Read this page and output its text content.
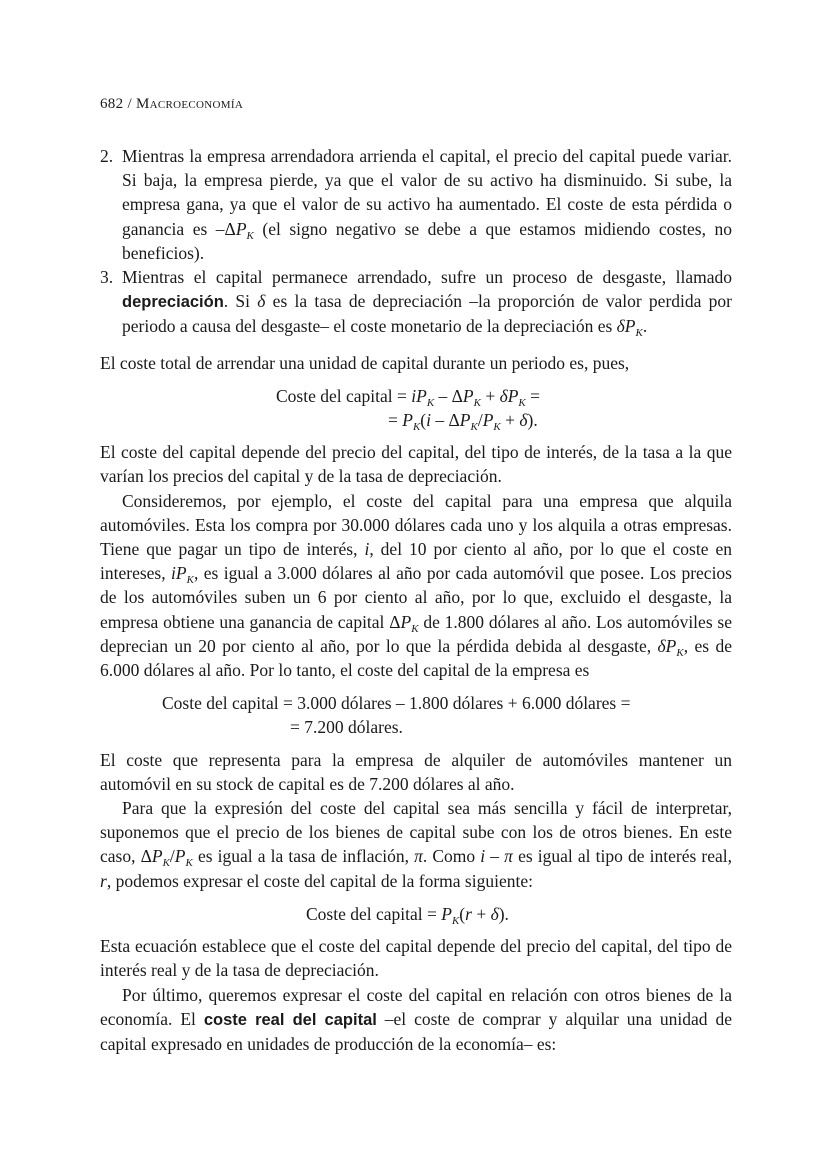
682 / Macroeconomía
2. Mientras la empresa arrendadora arrienda el capital, el precio del capital puede variar. Si baja, la empresa pierde, ya que el valor de su activo ha disminuido. Si sube, la empresa gana, ya que el valor de su activo ha aumentado. El coste de esta pérdida o ganancia es $-\Delta P_K$ (el signo negativo se debe a que estamos midiendo costes, no beneficios).
3. Mientras el capital permanece arrendado, sufre un proceso de desgaste, llamado depreciación. Si δ es la tasa de depreciación –la proporción de valor perdida por periodo a causa del desgaste– el coste monetario de la depreciación es $\delta P_K$.

El coste total de arrendar una unidad de capital durante un periodo es, pues,

Coste del capital = $iP_K - \Delta P_K + \delta P_K$ =
= $P_K(i - \Delta P_K/P_K + \delta)$.

El coste del capital depende del precio del capital, del tipo de interés, de la tasa a la que varían los precios del capital y de la tasa de depreciación.

Consideremos, por ejemplo, el coste del capital para una empresa que alquila automóviles. Esta los compra por 30.000 dólares cada uno y los alquila a otras empresas. Tiene que pagar un tipo de interés, i, del 10 por ciento al año, por lo que el coste en intereses, $iP_K$, es igual a 3.000 dólares al año por cada automóvil que posee. Los precios de los automóviles suben un 6 por ciento al año, por lo que, excluido el desgaste, la empresa obtiene una ganancia de capital $\Delta P_K$ de 1.800 dólares al año. Los automóviles se deprecian un 20 por ciento al año, por lo que la pérdida debida al desgaste, $\delta P_K$, es de 6.000 dólares al año. Por lo tanto, el coste del capital de la empresa es

Coste del capital = 3.000 dólares – 1.800 dólares + 6.000 dólares =
= 7.200 dólares.

El coste que representa para la empresa de alquiler de automóviles mantener un automóvil en su stock de capital es de 7.200 dólares al año.

Para que la expresión del coste del capital sea más sencilla y fácil de interpretar, suponemos que el precio de los bienes de capital sube con los de otros bienes. En este caso, $\Delta P_K/P_K$ es igual a la tasa de inflación, π. Como i – π es igual al tipo de interés real, r, podemos expresar el coste del capital de la forma siguiente:

Coste del capital = $P_K(r + \delta)$.

Esta ecuación establece que el coste del capital depende del precio del capital, del tipo de interés real y de la tasa de depreciación.

Por último, queremos expresar el coste del capital en relación con otros bienes de la economía. El coste real del capital –el coste de comprar y alquilar una unidad de capital expresado en unidades de producción de la economía– es:
